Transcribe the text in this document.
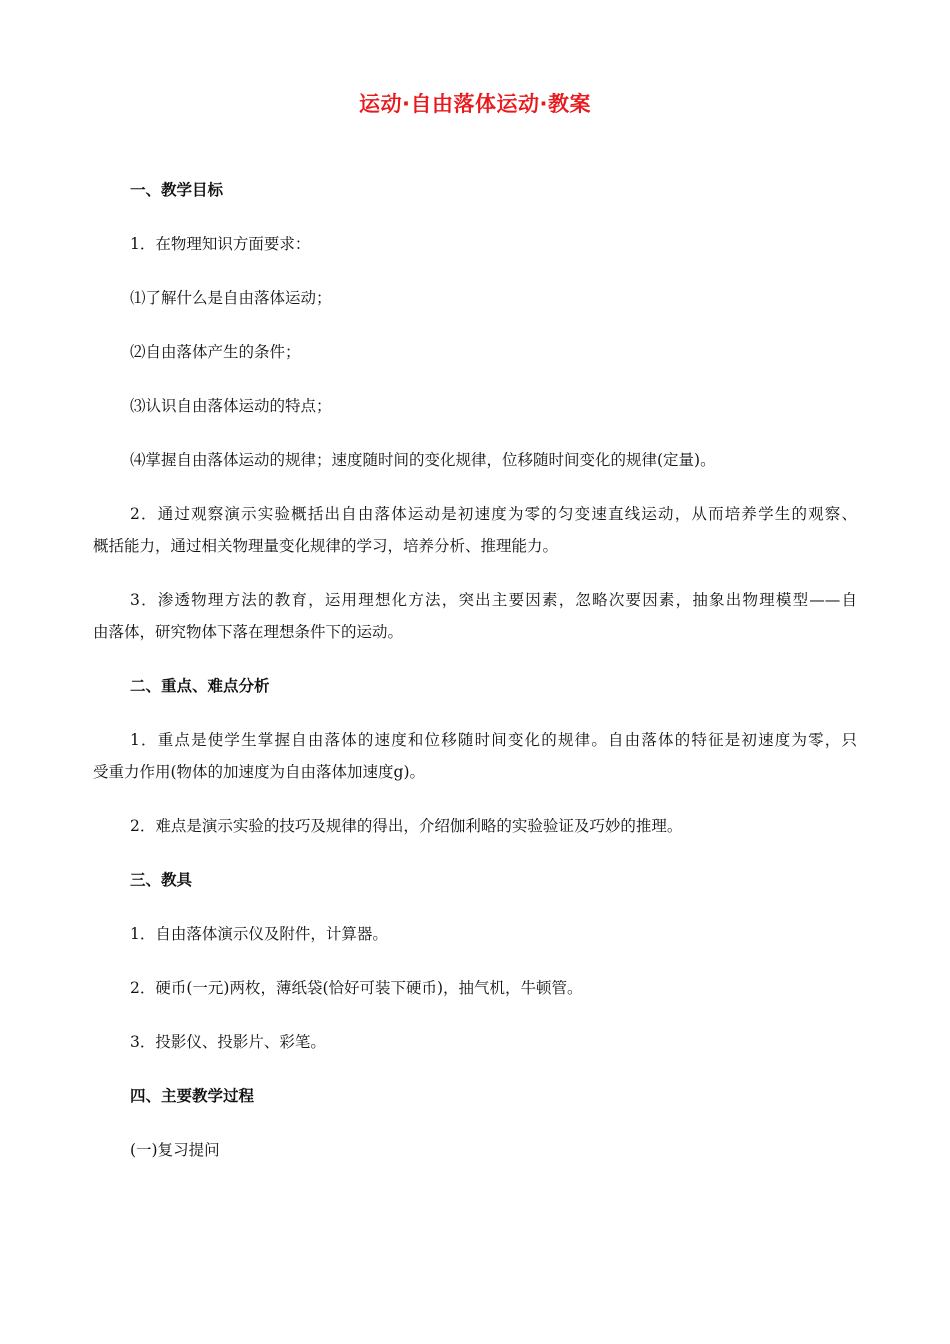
运动·自由落体运动·教案
一、教学目标
1．在物理知识方面要求：
⑴了解什么是自由落体运动；
⑵自由落体产生的条件；
⑶认识自由落体运动的特点；
⑷掌握自由落体运动的规律；速度随时间的变化规律，位移随时间变化的规律(定量)。
2．通过观察演示实验概括出自由落体运动是初速度为零的匀变速直线运动，从而培养学生的观察、
概括能力，通过相关物理量变化规律的学习，培养分析、推理能力。
3．渗透物理方法的教育，运用理想化方法，突出主要因素，忽略次要因素，抽象出物理模型——自
由落体，研究物体下落在理想条件下的运动。
二、重点、难点分析
1．重点是使学生掌握自由落体的速度和位移随时间变化的规律。自由落体的特征是初速度为零，只
受重力作用(物体的加速度为自由落体加速度g)。
2．难点是演示实验的技巧及规律的得出，介绍伽利略的实验验证及巧妙的推理。
三、教具
1．自由落体演示仪及附件，计算器。
2．硬币(一元)两枚，薄纸袋(恰好可装下硬币)，抽气机，牛顿管。
3．投影仪、投影片、彩笔。
四、主要教学过程
(一)复习提问
